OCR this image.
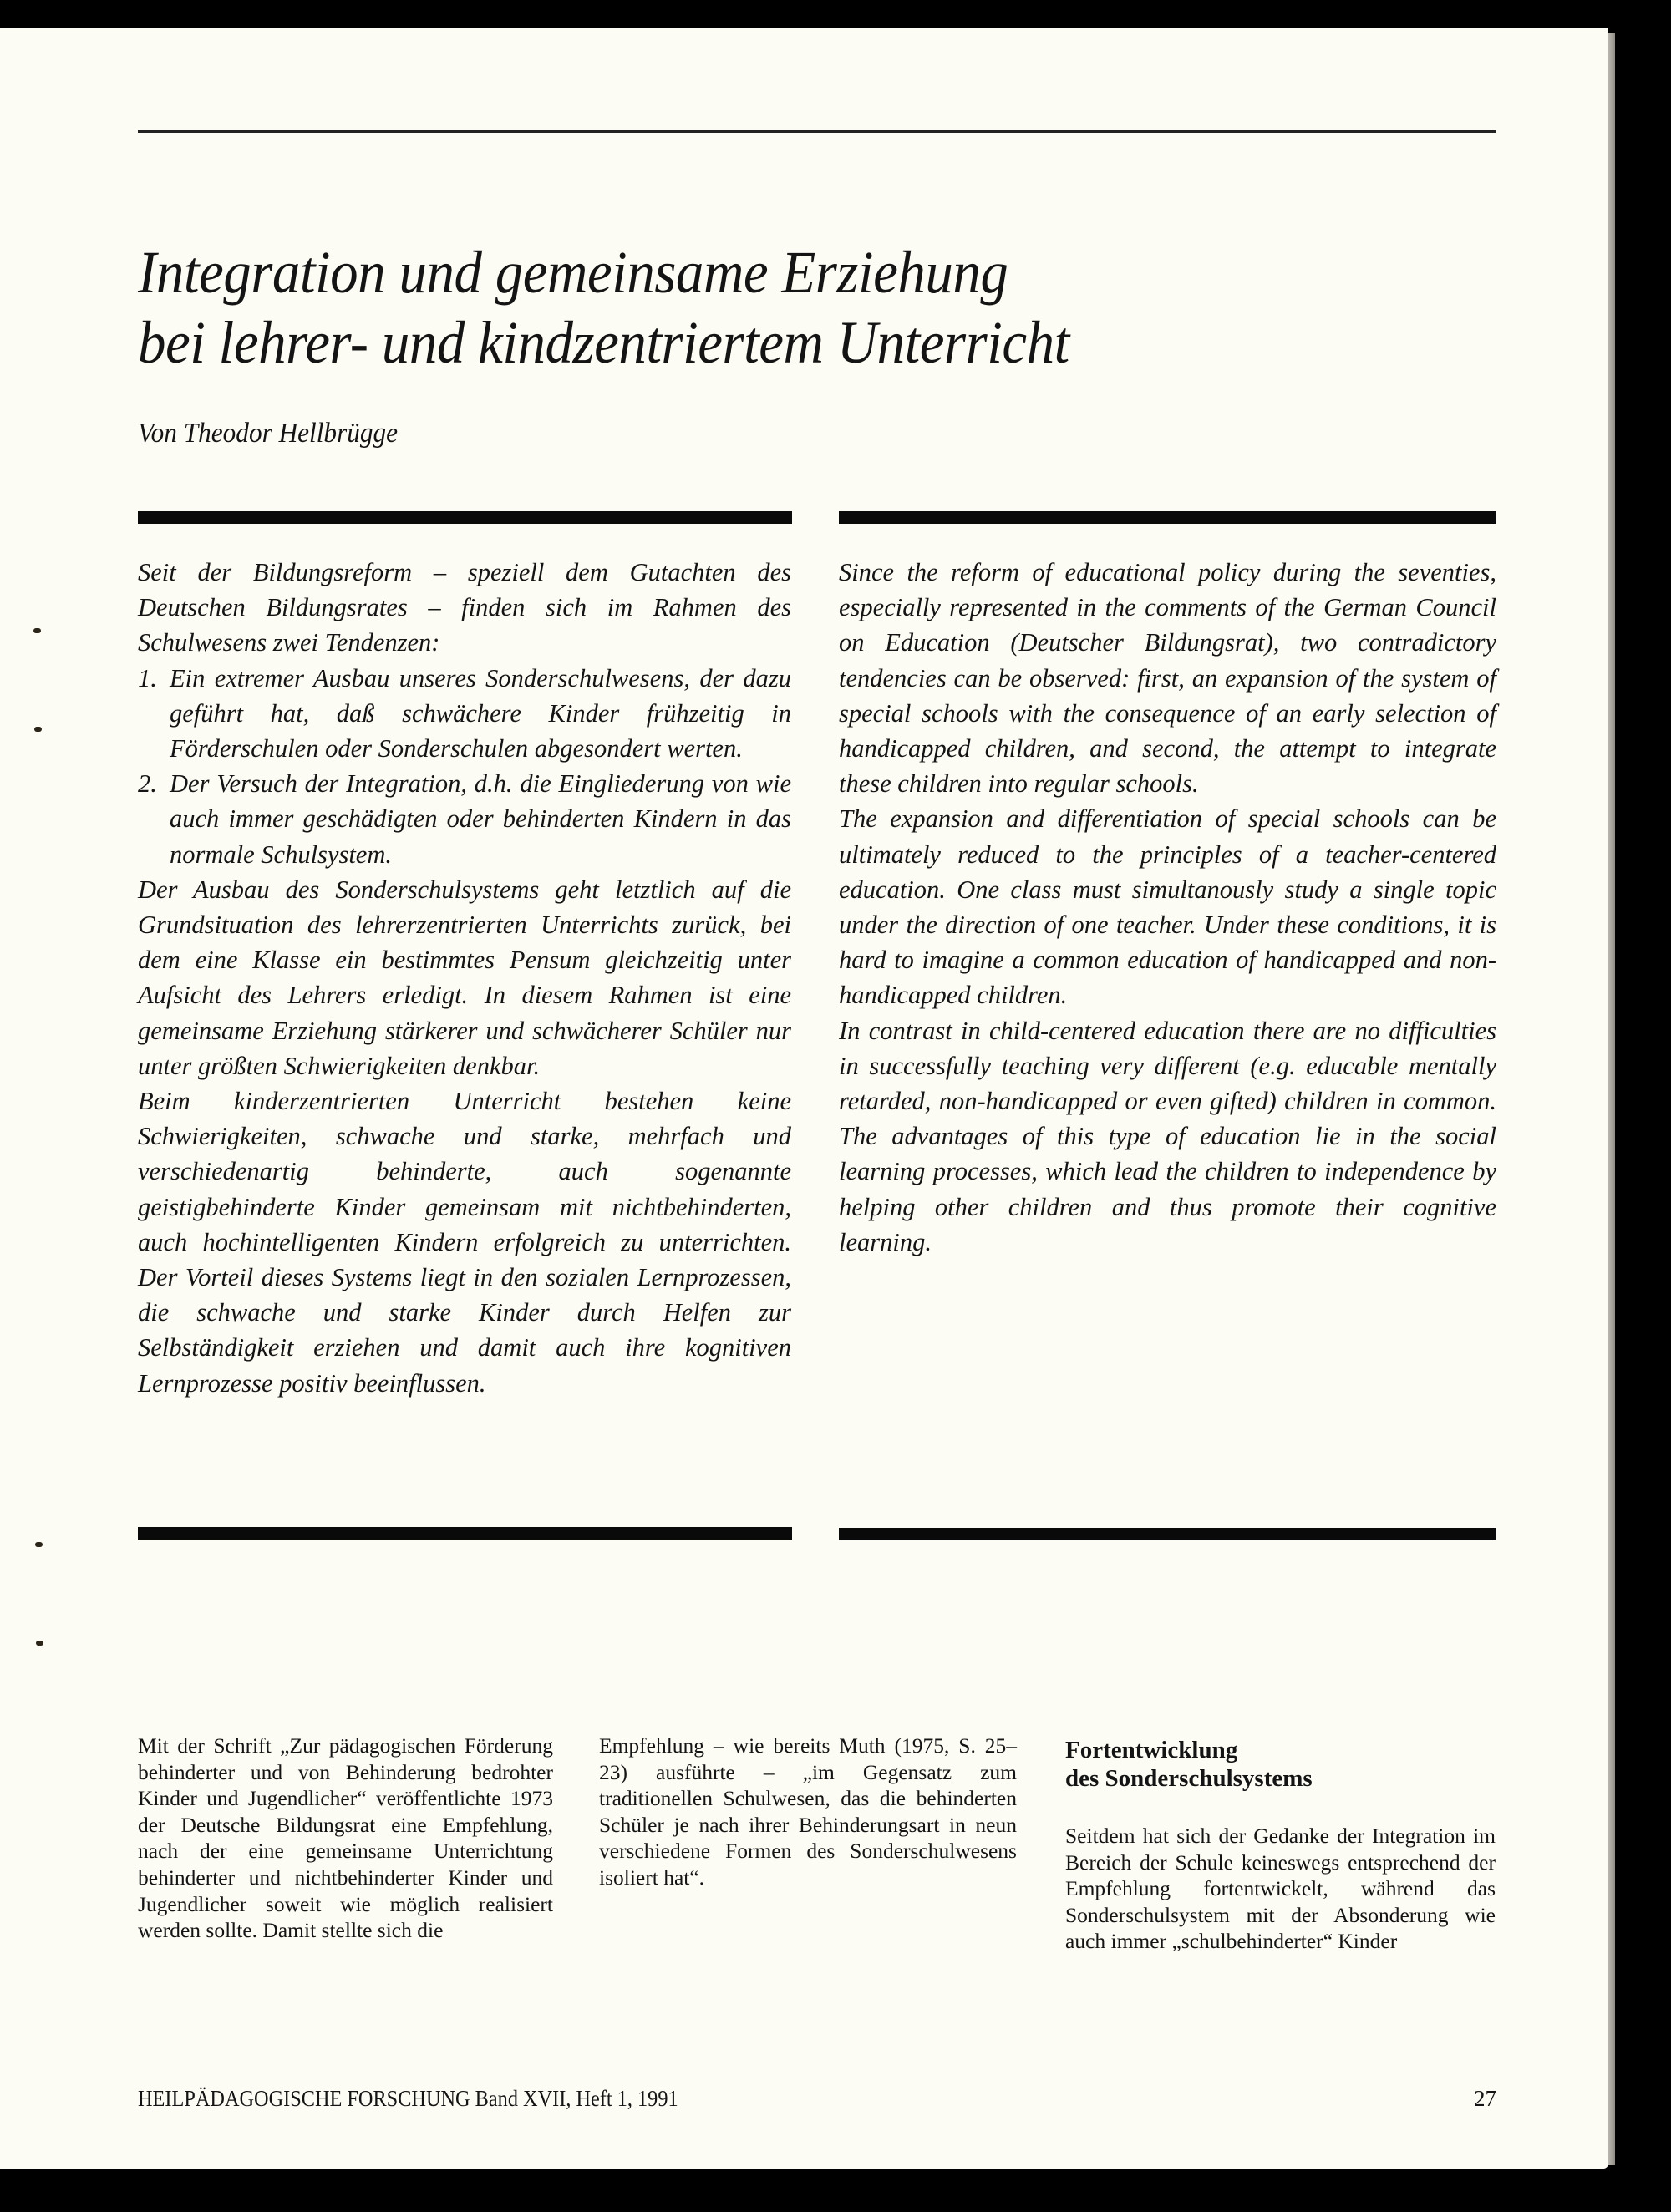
Integration und gemeinsame Erziehung
bei lehrer- und kindzentriertem Unterricht
Von Theodor Hellbrügge

Seit der Bildungsreform – speziell dem Gutachten des Deutschen Bildungsrates – finden sich im Rahmen des Schulwesens zwei Tendenzen:

1. Ein extremer Ausbau unseres Sonderschulwesens, der dazu geführt hat, daß schwächere Kinder frühzeitig in Förderschulen oder Sonderschulen abgesondert werten.

2. Der Versuch der Integration, d.h. die Eingliederung von wie auch immer geschädigten oder behinderten Kindern in das normale Schulsystem.

Der Ausbau des Sonderschulsystems geht letztlich auf die Grundsituation des lehrerzentrierten Unterrichts zurück, bei dem eine Klasse ein bestimmtes Pensum gleichzeitig unter Aufsicht des Lehrers erledigt. In diesem Rahmen ist eine gemeinsame Erziehung stärkerer und schwächerer Schüler nur unter größten Schwierigkeiten denkbar.

Beim kinderzentrierten Unterricht bestehen keine Schwierigkeiten, schwache und starke, mehrfach und verschiedenartig behinderte, auch sogenannte geistigbehinderte Kinder gemeinsam mit nichtbehinderten, auch hochintelligenten Kindern erfolgreich zu unterrichten. Der Vorteil dieses Systems liegt in den sozialen Lernprozessen, die schwache und starke Kinder durch Helfen zur Selbständigkeit erziehen und damit auch ihre kognitiven Lernprozesse positiv beeinflussen.

Since the reform of educational policy during the seventies, especially represented in the comments of the German Council on Education (Deutscher Bildungsrat), two contradictory tendencies can be observed: first, an expansion of the system of special schools with the consequence of an early selection of handicapped children, and second, the attempt to integrate these children into regular schools.

The expansion and differentiation of special schools can be ultimately reduced to the principles of a teacher-centered education. One class must simultanously study a single topic under the direction of one teacher. Under these conditions, it is hard to imagine a common education of handicapped and non-handicapped children.

In contrast in child-centered education there are no difficulties in successfully teaching very different (e.g. educable mentally retarded, non-handicapped or even gifted) children in common. The advantages of this type of education lie in the social learning processes, which lead the children to independence by helping other children and thus promote their cognitive learning.

Mit der Schrift „Zur pädagogischen Förderung behinderter und von Behinderung bedrohter Kinder und Jugendlicher“ veröffentlichte 1973 der Deutsche Bildungsrat eine Empfehlung, nach der eine gemeinsame Unterrichtung behinderter und nichtbehinderter Kinder und Jugendlicher soweit wie möglich realisiert werden sollte. Damit stellte sich die

Empfehlung – wie bereits Muth (1975, S. 25–23) ausführte – „im Gegensatz zum traditionellen Schulwesen, das die behinderten Schüler je nach ihrer Behinderungsart in neun verschiedene Formen des Sonderschulwesens isoliert hat“.

Fortentwicklung
des Sonderschulsystems

Seitdem hat sich der Gedanke der Integration im Bereich der Schule keineswegs entsprechend der Empfehlung fortentwickelt, während das Sonderschulsystem mit der Absonderung wie auch immer „schulbehinderter“ Kinder

HEILPÄDAGOGISCHE FORSCHUNG Band XVII, Heft 1, 1991	27
